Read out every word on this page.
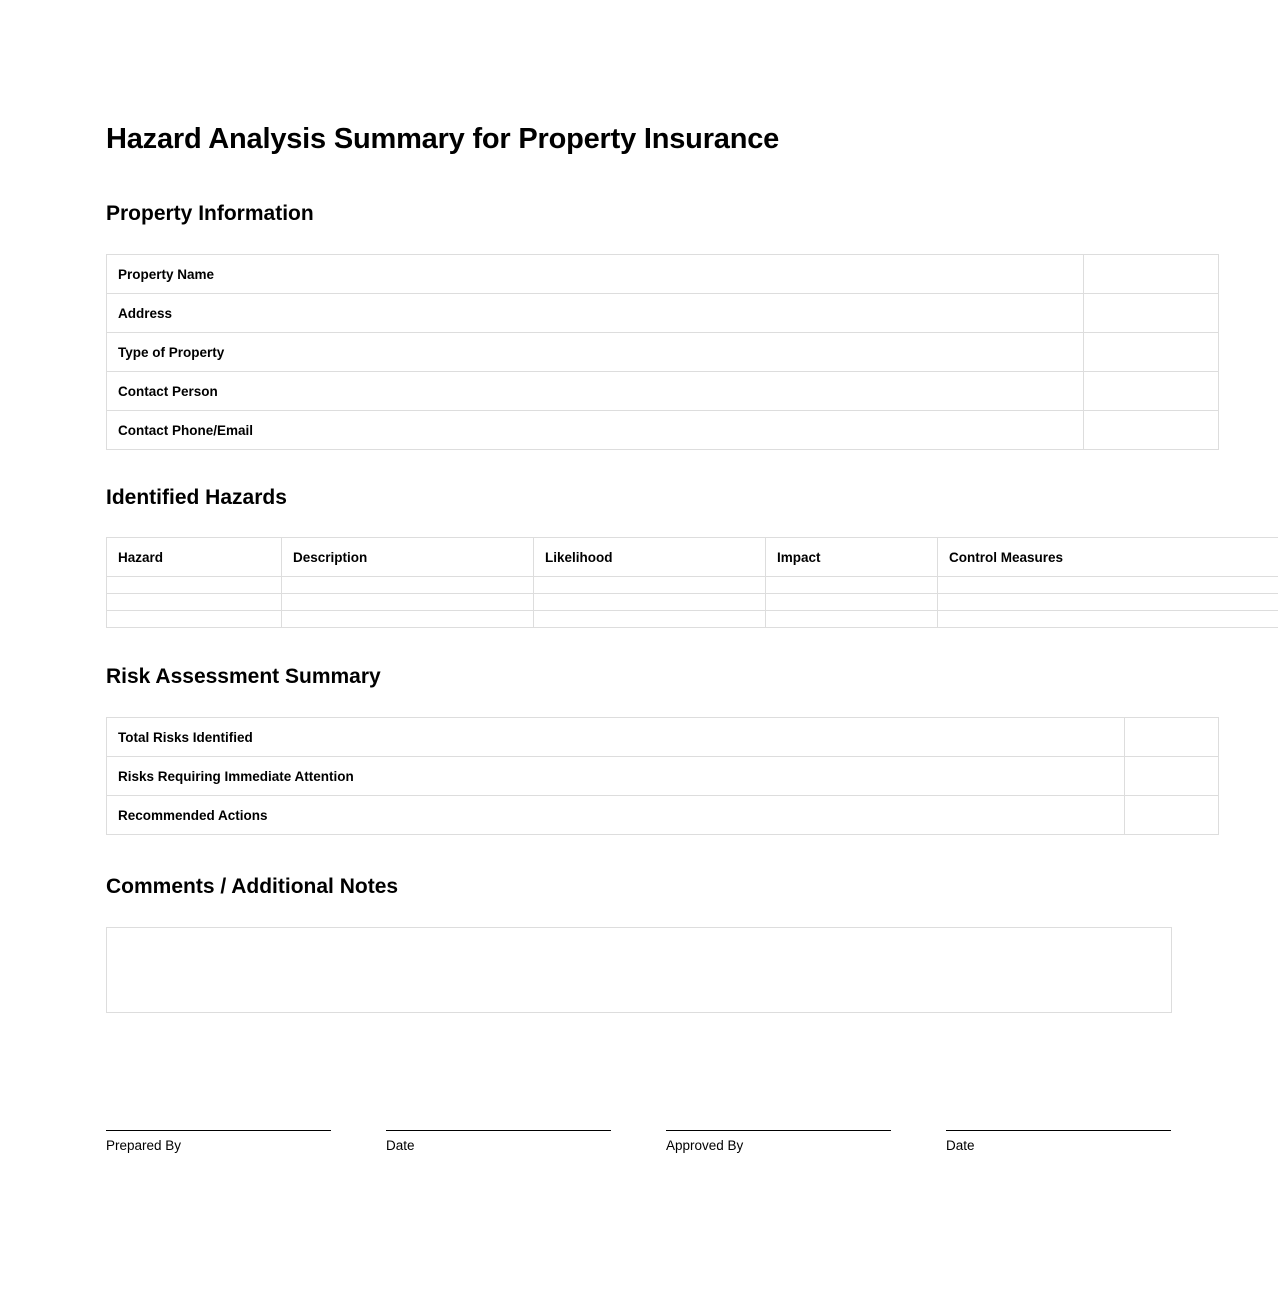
Hazard Analysis Summary for Property Insurance
Property Information
Property Name	
Address	
Type of Property	
Contact Person	
Contact Phone/Email	
Identified Hazards
Hazard	Description	Likelihood	Impact	Control Measures

Risk Assessment Summary
Total Risks Identified	
Risks Requiring Immediate Attention	
Recommended Actions	
Comments / Additional Notes
Prepared By	Date	Approved By	Date
